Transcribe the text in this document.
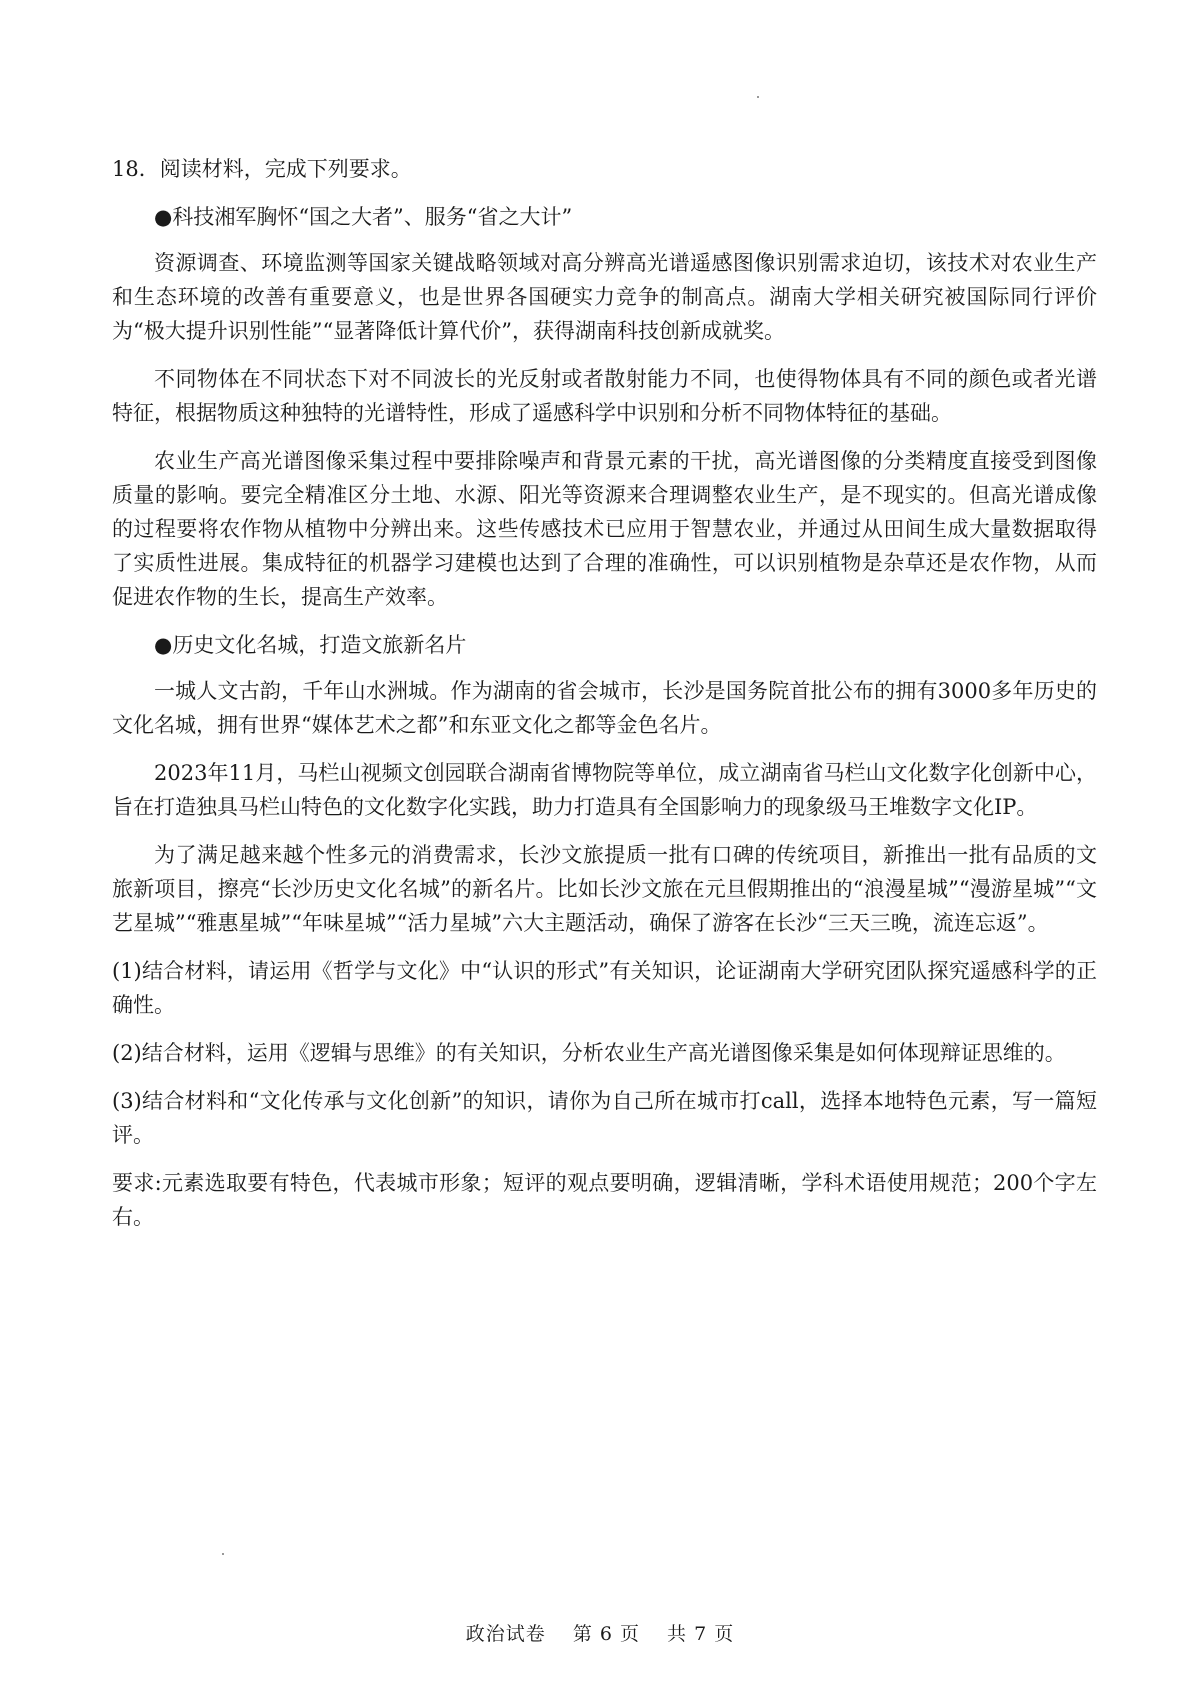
18．阅读材料，完成下列要求。

●科技湘军胸怀“国之大者”、服务“省之大计”

资源调查、环境监测等国家关键战略领域对高分辨高光谱遥感图像识别需求迫切，该技术对农业生产和生态环境的改善有重要意义，也是世界各国硬实力竞争的制高点。湖南大学相关研究被国际同行评价为“极大提升识别性能”“显著降低计算代价”，获得湖南科技创新成就奖。

不同物体在不同状态下对不同波长的光反射或者散射能力不同，也使得物体具有不同的颜色或者光谱特征，根据物质这种独特的光谱特性，形成了遥感科学中识别和分析不同物体特征的基础。

农业生产高光谱图像采集过程中要排除噪声和背景元素的干扰，高光谱图像的分类精度直接受到图像质量的影响。要完全精准区分土地、水源、阳光等资源来合理调整农业生产，是不现实的。但高光谱成像的过程要将农作物从植物中分辨出来。这些传感技术已应用于智慧农业，并通过从田间生成大量数据取得了实质性进展。集成特征的机器学习建模也达到了合理的准确性，可以识别植物是杂草还是农作物，从而促进农作物的生长，提高生产效率。

●历史文化名城，打造文旅新名片

一城人文古韵，千年山水洲城。作为湖南的省会城市，长沙是国务院首批公布的拥有3000多年历史的文化名城，拥有世界“媒体艺术之都”和东亚文化之都等金色名片。

2023年11月，马栏山视频文创园联合湖南省博物院等单位，成立湖南省马栏山文化数字化创新中心，旨在打造独具马栏山特色的文化数字化实践，助力打造具有全国影响力的现象级马王堆数字文化IP。

为了满足越来越个性多元的消费需求，长沙文旅提质一批有口碑的传统项目，新推出一批有品质的文旅新项目，擦亮“长沙历史文化名城”的新名片。比如长沙文旅在元旦假期推出的“浪漫星城”“漫游星城”“文艺星城”“雅惠星城”“年味星城”“活力星城”六大主题活动，确保了游客在长沙“三天三晚，流连忘返”。

(1)结合材料，请运用《哲学与文化》中“认识的形式”有关知识，论证湖南大学研究团队探究遥感科学的正确性。

(2)结合材料，运用《逻辑与思维》的有关知识，分析农业生产高光谱图像采集是如何体现辩证思维的。

(3)结合材料和“文化传承与文化创新”的知识，请你为自己所在城市打call，选择本地特色元素，写一篇短评。

要求:元素选取要有特色，代表城市形象；短评的观点要明确，逻辑清晰，学科术语使用规范；200个字左右。

政治试卷 第 6 页 共 7 页
